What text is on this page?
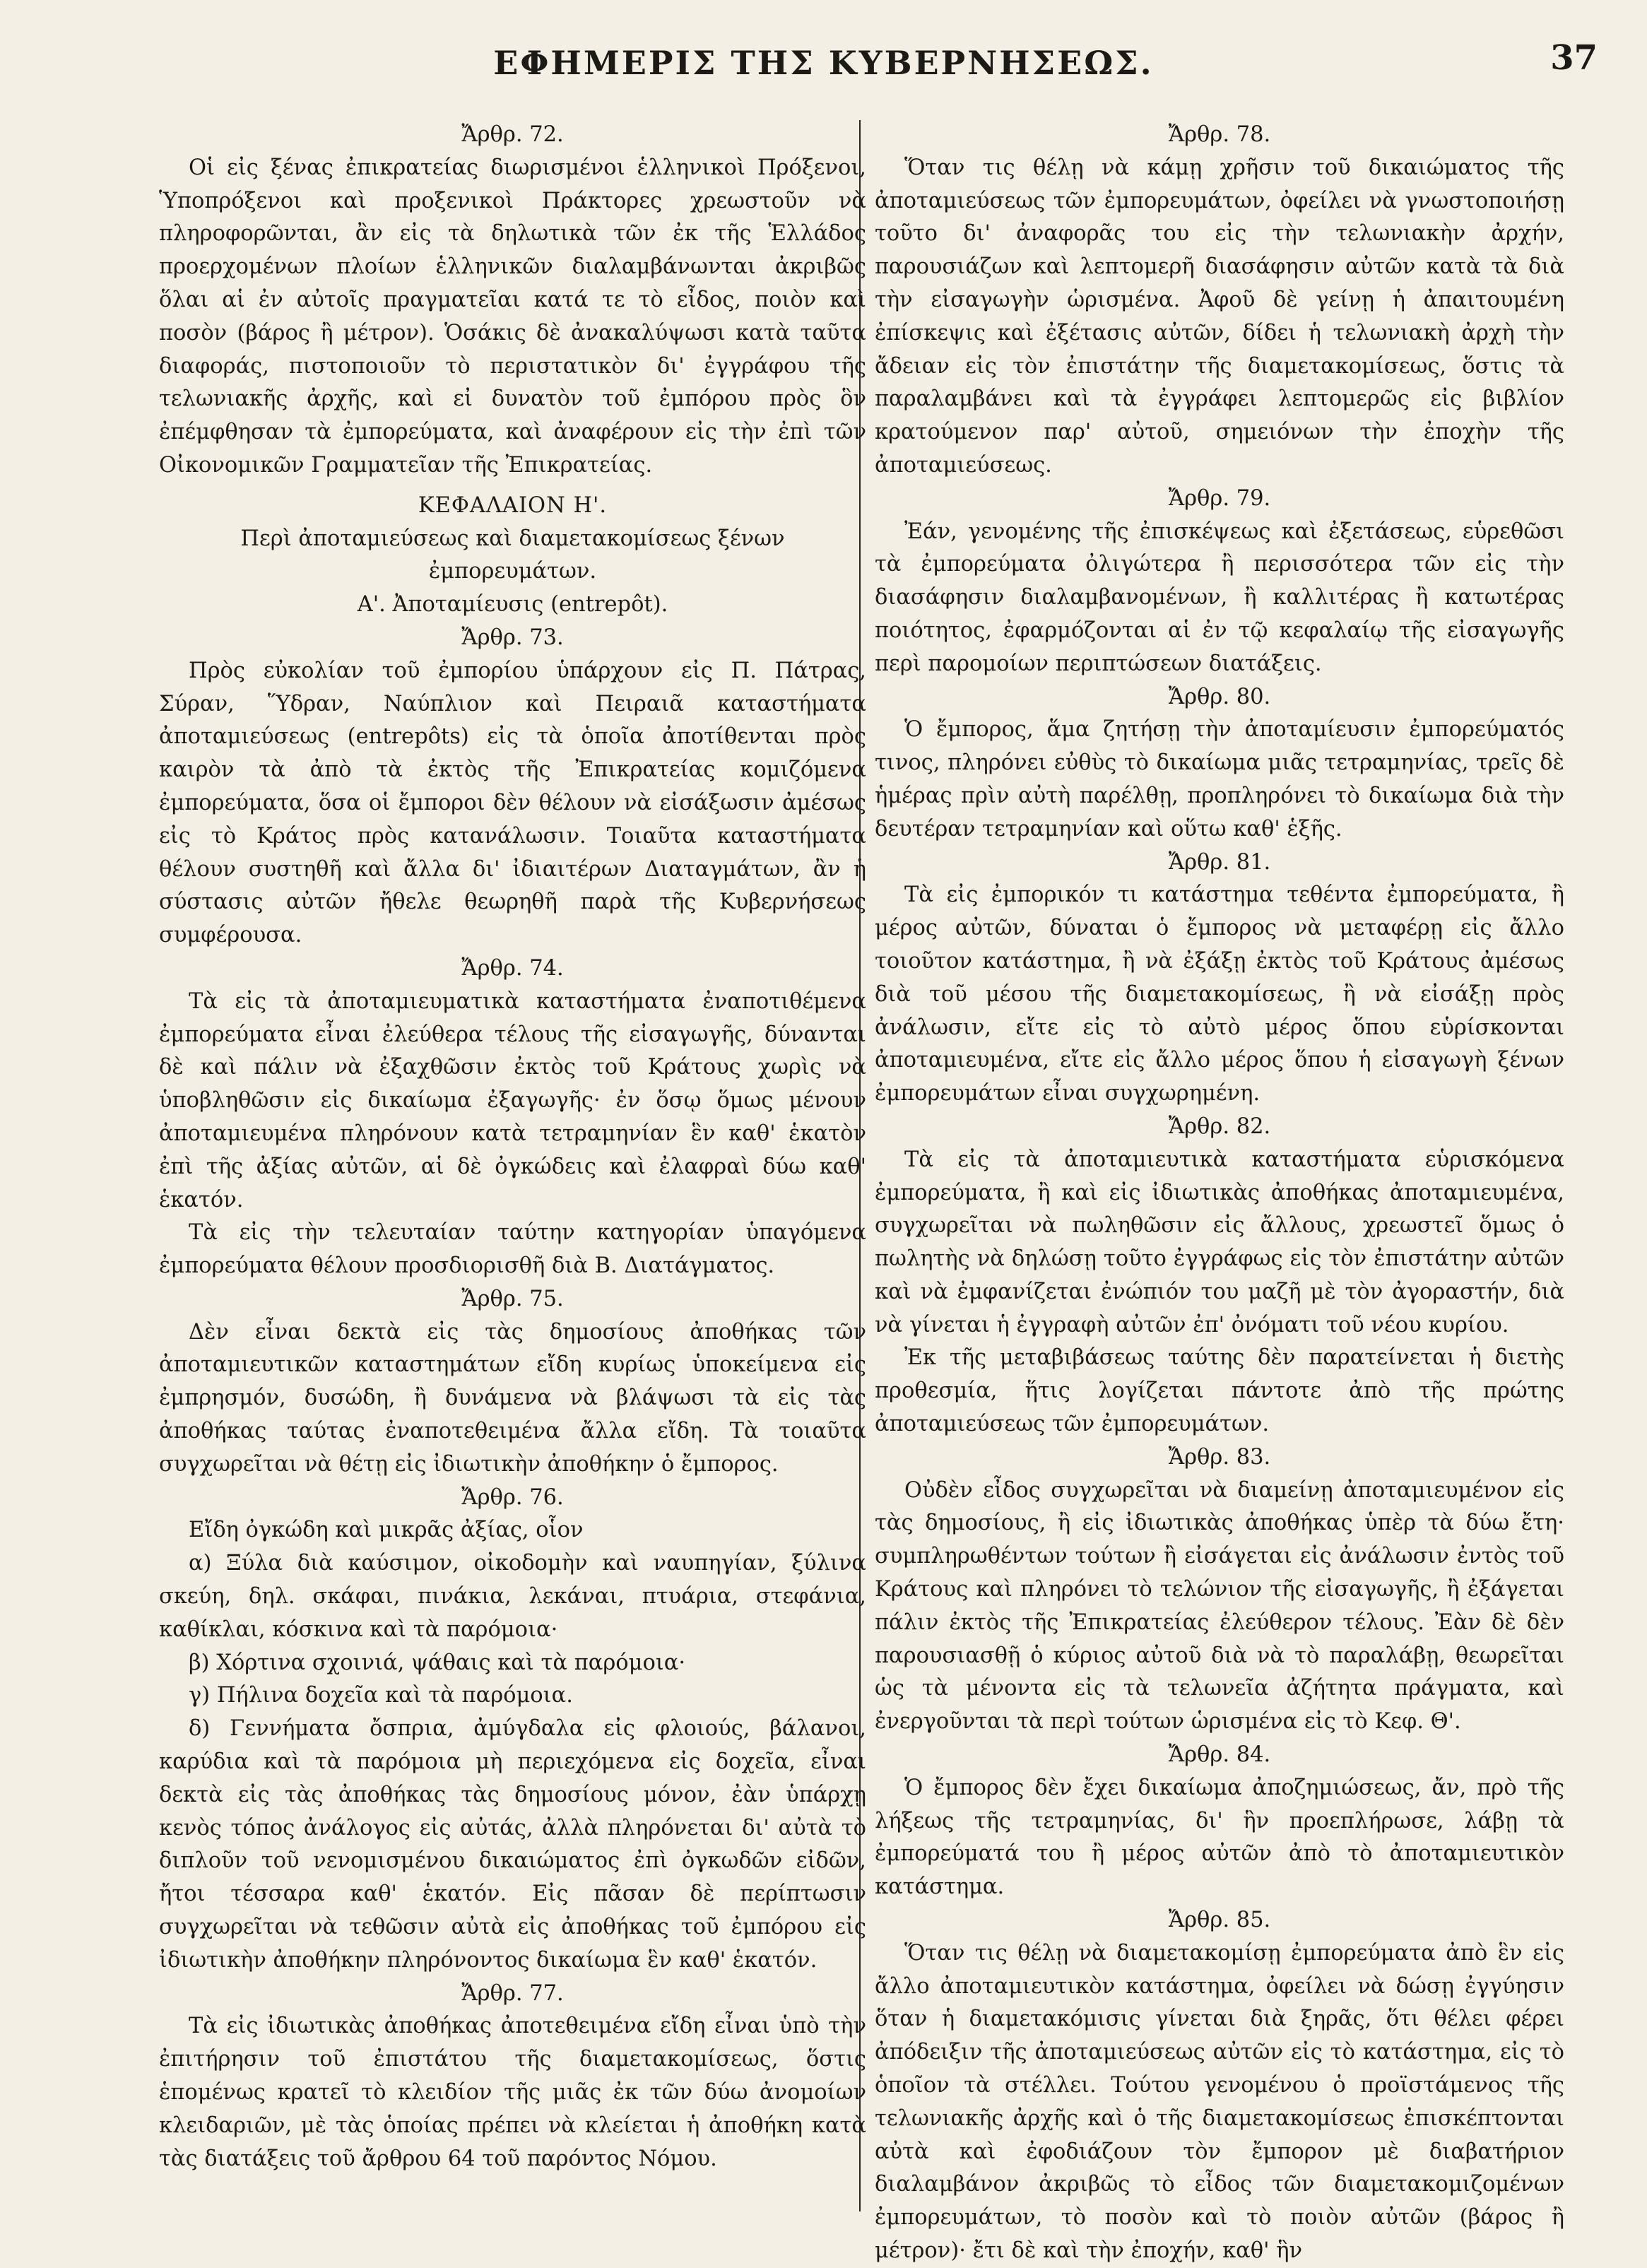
ΕΦΗΜΕΡΙΣ ΤΗΣ ΚΥΒΕΡΝΗΣΕΩΣ.	37

Ἄρθρ. 72.

Οἱ εἰς ξένας ἐπικρατείας διωρισμένοι ἑλληνικοὶ Πρόξενοι, Ὑποπρόξενοι καὶ προξενικοὶ Πράκτορες χρεωστοῦν νὰ πληροφορῶνται, ἂν εἰς τὰ δηλωτικὰ τῶν ἐκ τῆς Ἑλλάδος προερχομένων πλοίων ἑλληνικῶν διαλαμβάνωνται ἀκριβῶς ὅλαι αἱ ἐν αὐτοῖς πραγματεῖαι κατά τε τὸ εἶδος, ποιὸν καὶ ποσὸν (βάρος ἢ μέτρον). Ὁσάκις δὲ ἀνακαλύψωσι κατὰ ταῦτα διαφοράς, πιστοποιοῦν τὸ περιστατικὸν δι' ἐγγράφου τῆς τελωνιακῆς ἀρχῆς, καὶ εἰ δυνατὸν τοῦ ἐμπόρου πρὸς ὃν ἐπέμφθησαν τὰ ἐμπορεύματα, καὶ ἀναφέρουν εἰς τὴν ἐπὶ τῶν Οἰκονομικῶν Γραμματεῖαν τῆς Ἐπικρατείας.

ΚΕΦΑΛΑΙΟΝ Η'.

Περὶ ἀποταμιεύσεως καὶ διαμετακομίσεως ξένων

ἐμπορευμάτων.

Α'. Ἀποταμίευσις (entrepôt).

Ἄρθρ. 73.

Πρὸς εὐκολίαν τοῦ ἐμπορίου ὑπάρχουν εἰς Π. Πάτρας, Σύραν, Ὕδραν, Ναύπλιον καὶ Πειραιᾶ καταστήματα ἀποταμιεύσεως (entrepôts) εἰς τὰ ὁποῖα ἀποτίθενται πρὸς καιρὸν τὰ ἀπὸ τὰ ἐκτὸς τῆς Ἐπικρατείας κομιζόμενα ἐμπορεύματα, ὅσα οἱ ἔμποροι δὲν θέλουν νὰ εἰσάξωσιν ἀμέσως εἰς τὸ Κράτος πρὸς κατανάλωσιν. Τοιαῦτα καταστήματα θέλουν συστηθῆ καὶ ἄλλα δι' ἰδιαιτέρων Διαταγμάτων, ἂν ἡ σύστασις αὐτῶν ἤθελε θεωρηθῆ παρὰ τῆς Κυβερνήσεως συμφέρουσα.

Ἄρθρ. 74.

Τὰ εἰς τὰ ἀποταμιευματικὰ καταστήματα ἐναποτιθέμενα ἐμπορεύματα εἶναι ἐλεύθερα τέλους τῆς εἰσαγωγῆς, δύνανται δὲ καὶ πάλιν νὰ ἐξαχθῶσιν ἐκτὸς τοῦ Κράτους χωρὶς νὰ ὑποβληθῶσιν εἰς δικαίωμα ἐξαγωγῆς· ἐν ὅσῳ ὅμως μένουν ἀποταμιευμένα πληρόνουν κατὰ τετραμηνίαν ἓν καθ' ἑκατὸν ἐπὶ τῆς ἀξίας αὐτῶν, αἱ δὲ ὀγκώδεις καὶ ἐλαφραὶ δύω καθ' ἑκατόν.

Τὰ εἰς τὴν τελευταίαν ταύτην κατηγορίαν ὑπαγόμενα ἐμπορεύματα θέλουν προσδιορισθῆ διὰ Β. Διατάγματος.

Ἄρθρ. 75.

Δὲν εἶναι δεκτὰ εἰς τὰς δημοσίους ἀποθήκας τῶν ἀποταμιευτικῶν καταστημάτων εἴδη κυρίως ὑποκείμενα εἰς ἐμπρησμόν, δυσώδη, ἢ δυνάμενα νὰ βλάψωσι τὰ εἰς τὰς ἀποθήκας ταύτας ἐναποτεθειμένα ἄλλα εἴδη. Τὰ τοιαῦτα συγχωρεῖται νὰ θέτῃ εἰς ἰδιωτικὴν ἀποθήκην ὁ ἔμπορος.

Ἄρθρ. 76.

Εἴδη ὀγκώδη καὶ μικρᾶς ἀξίας, οἷον

α) Ξύλα διὰ καύσιμον, οἰκοδομὴν καὶ ναυπηγίαν, ξύλινα σκεύη, δηλ. σκάφαι, πινάκια, λεκάναι, πτυάρια, στεφάνια, καθίκλαι, κόσκινα καὶ τὰ παρόμοια·

β) Χόρτινα σχοινιά, ψάθαις καὶ τὰ παρόμοια·

γ) Πήλινα δοχεῖα καὶ τὰ παρόμοια.

δ) Γεννήματα ὄσπρια, ἀμύγδαλα εἰς φλοιούς, βάλανοι, καρύδια καὶ τὰ παρόμοια μὴ περιεχόμενα εἰς δοχεῖα, εἶναι δεκτὰ εἰς τὰς ἀποθήκας τὰς δημοσίους μόνον, ἐὰν ὑπάρχῃ κενὸς τόπος ἀνάλογος εἰς αὐτάς, ἀλλὰ πληρόνεται δι' αὐτὰ τὸ διπλοῦν τοῦ νενομισμένου δικαιώματος ἐπὶ ὀγκωδῶν εἰδῶν, ἤτοι τέσσαρα καθ' ἑκατόν. Εἰς πᾶσαν δὲ περίπτωσιν συγχωρεῖται νὰ τεθῶσιν αὐτὰ εἰς ἀποθήκας τοῦ ἐμπόρου εἰς ἰδιωτικὴν ἀποθήκην πληρόνοντος δικαίωμα ἓν καθ' ἑκατόν.

Ἄρθρ. 77.

Τὰ εἰς ἰδιωτικὰς ἀποθήκας ἀποτεθειμένα εἴδη εἶναι ὑπὸ τὴν ἐπιτήρησιν τοῦ ἐπιστάτου τῆς διαμετακομίσεως, ὅστις ἑπομένως κρατεῖ τὸ κλειδίον τῆς μιᾶς ἐκ τῶν δύω ἀνομοίων κλειδαριῶν, μὲ τὰς ὁποίας πρέπει νὰ κλείεται ἡ ἀποθήκη κατὰ τὰς διατάξεις τοῦ ἄρθρου 64 τοῦ παρόντος Νόμου.

Ἄρθρ. 78.

Ὅταν τις θέλῃ νὰ κάμῃ χρῆσιν τοῦ δικαιώματος τῆς ἀποταμιεύσεως τῶν ἐμπορευμάτων, ὀφείλει νὰ γνωστοποιήσῃ τοῦτο δι' ἀναφορᾶς του εἰς τὴν τελωνιακὴν ἀρχήν, παρουσιάζων καὶ λεπτομερῆ διασάφησιν αὐτῶν κατὰ τὰ διὰ τὴν εἰσαγωγὴν ὡρισμένα. Ἀφοῦ δὲ γείνῃ ἡ ἀπαιτουμένη ἐπίσκεψις καὶ ἐξέτασις αὐτῶν, δίδει ἡ τελωνιακὴ ἀρχὴ τὴν ἄδειαν εἰς τὸν ἐπιστάτην τῆς διαμετακομίσεως, ὅστις τὰ παραλαμβάνει καὶ τὰ ἐγγράφει λεπτομερῶς εἰς βιβλίον κρατούμενον παρ' αὐτοῦ, σημειόνων τὴν ἐποχὴν τῆς ἀποταμιεύσεως.

Ἄρθρ. 79.

Ἐάν, γενομένης τῆς ἐπισκέψεως καὶ ἐξετάσεως, εὑρεθῶσι τὰ ἐμπορεύματα ὀλιγώτερα ἢ περισσότερα τῶν εἰς τὴν διασάφησιν διαλαμβανομένων, ἢ καλλιτέρας ἢ κατωτέρας ποιότητος, ἐφαρμόζονται αἱ ἐν τῷ κεφαλαίῳ τῆς εἰσαγωγῆς περὶ παρομοίων περιπτώσεων διατάξεις.

Ἄρθρ. 80.

Ὁ ἔμπορος, ἅμα ζητήσῃ τὴν ἀποταμίευσιν ἐμπορεύματός τινος, πληρόνει εὐθὺς τὸ δικαίωμα μιᾶς τετραμηνίας, τρεῖς δὲ ἡμέρας πρὶν αὐτὴ παρέλθῃ, προπληρόνει τὸ δικαίωμα διὰ τὴν δευτέραν τετραμηνίαν καὶ οὕτω καθ' ἑξῆς.

Ἄρθρ. 81.

Τὰ εἰς ἐμπορικόν τι κατάστημα τεθέντα ἐμπορεύματα, ἢ μέρος αὐτῶν, δύναται ὁ ἔμπορος νὰ μεταφέρῃ εἰς ἄλλο τοιοῦτον κατάστημα, ἢ νὰ ἐξάξῃ ἐκτὸς τοῦ Κράτους ἀμέσως διὰ τοῦ μέσου τῆς διαμετακομίσεως, ἢ νὰ εἰσάξῃ πρὸς ἀνάλωσιν, εἴτε εἰς τὸ αὐτὸ μέρος ὅπου εὑρίσκονται ἀποταμιευμένα, εἴτε εἰς ἄλλο μέρος ὅπου ἡ εἰσαγωγὴ ξένων ἐμπορευμάτων εἶναι συγχωρημένη.

Ἄρθρ. 82.

Τὰ εἰς τὰ ἀποταμιευτικὰ καταστήματα εὑρισκόμενα ἐμπορεύματα, ἢ καὶ εἰς ἰδιωτικὰς ἀποθήκας ἀποταμιευμένα, συγχωρεῖται νὰ πωληθῶσιν εἰς ἄλλους, χρεωστεῖ ὅμως ὁ πωλητὴς νὰ δηλώσῃ τοῦτο ἐγγράφως εἰς τὸν ἐπιστάτην αὐτῶν καὶ νὰ ἐμφανίζεται ἐνώπιόν του μαζῆ μὲ τὸν ἀγοραστήν, διὰ νὰ γίνεται ἡ ἐγγραφὴ αὐτῶν ἐπ' ὀνόματι τοῦ νέου κυρίου.

Ἐκ τῆς μεταβιβάσεως ταύτης δὲν παρατείνεται ἡ διετὴς προθεσμία, ἥτις λογίζεται πάντοτε ἀπὸ τῆς πρώτης ἀποταμιεύσεως τῶν ἐμπορευμάτων.

Ἄρθρ. 83.

Οὐδὲν εἶδος συγχωρεῖται νὰ διαμείνῃ ἀποταμιευμένον εἰς τὰς δημοσίους, ἢ εἰς ἰδιωτικὰς ἀποθήκας ὑπὲρ τὰ δύω ἔτη· συμπληρωθέντων τούτων ἢ εἰσάγεται εἰς ἀνάλωσιν ἐντὸς τοῦ Κράτους καὶ πληρόνει τὸ τελώνιον τῆς εἰσαγωγῆς, ἢ ἐξάγεται πάλιν ἐκτὸς τῆς Ἐπικρατείας ἐλεύθερον τέλους. Ἐὰν δὲ δὲν παρουσιασθῇ ὁ κύριος αὐτοῦ διὰ νὰ τὸ παραλάβῃ, θεωρεῖται ὡς τὰ μένοντα εἰς τὰ τελωνεῖα ἀζήτητα πράγματα, καὶ ἐνεργοῦνται τὰ περὶ τούτων ὡρισμένα εἰς τὸ Κεφ. Θ'.

Ἄρθρ. 84.

Ὁ ἔμπορος δὲν ἔχει δικαίωμα ἀποζημιώσεως, ἄν, πρὸ τῆς λήξεως τῆς τετραμηνίας, δι' ἣν προεπλήρωσε, λάβῃ τὰ ἐμπορεύματά του ἢ μέρος αὐτῶν ἀπὸ τὸ ἀποταμιευτικὸν κατάστημα.

Ἄρθρ. 85.

Ὅταν τις θέλῃ νὰ διαμετακομίσῃ ἐμπορεύματα ἀπὸ ἓν εἰς ἄλλο ἀποταμιευτικὸν κατάστημα, ὀφείλει νὰ δώσῃ ἐγγύησιν ὅταν ἡ διαμετακόμισις γίνεται διὰ ξηρᾶς, ὅτι θέλει φέρει ἀπόδειξιν τῆς ἀποταμιεύσεως αὐτῶν εἰς τὸ κατάστημα, εἰς τὸ ὁποῖον τὰ στέλλει. Τούτου γενομένου ὁ προϊστάμενος τῆς τελωνιακῆς ἀρχῆς καὶ ὁ τῆς διαμετακομίσεως ἐπισκέπτονται αὐτὰ καὶ ἐφοδιάζουν τὸν ἔμπορον μὲ διαβατήριον διαλαμβάνον ἀκριβῶς τὸ εἶδος τῶν διαμετακομιζομένων ἐμπορευμάτων, τὸ ποσὸν καὶ τὸ ποιὸν αὐτῶν (βάρος ἢ μέτρον)· ἔτι δὲ καὶ τὴν ἐποχήν, καθ' ἣν
